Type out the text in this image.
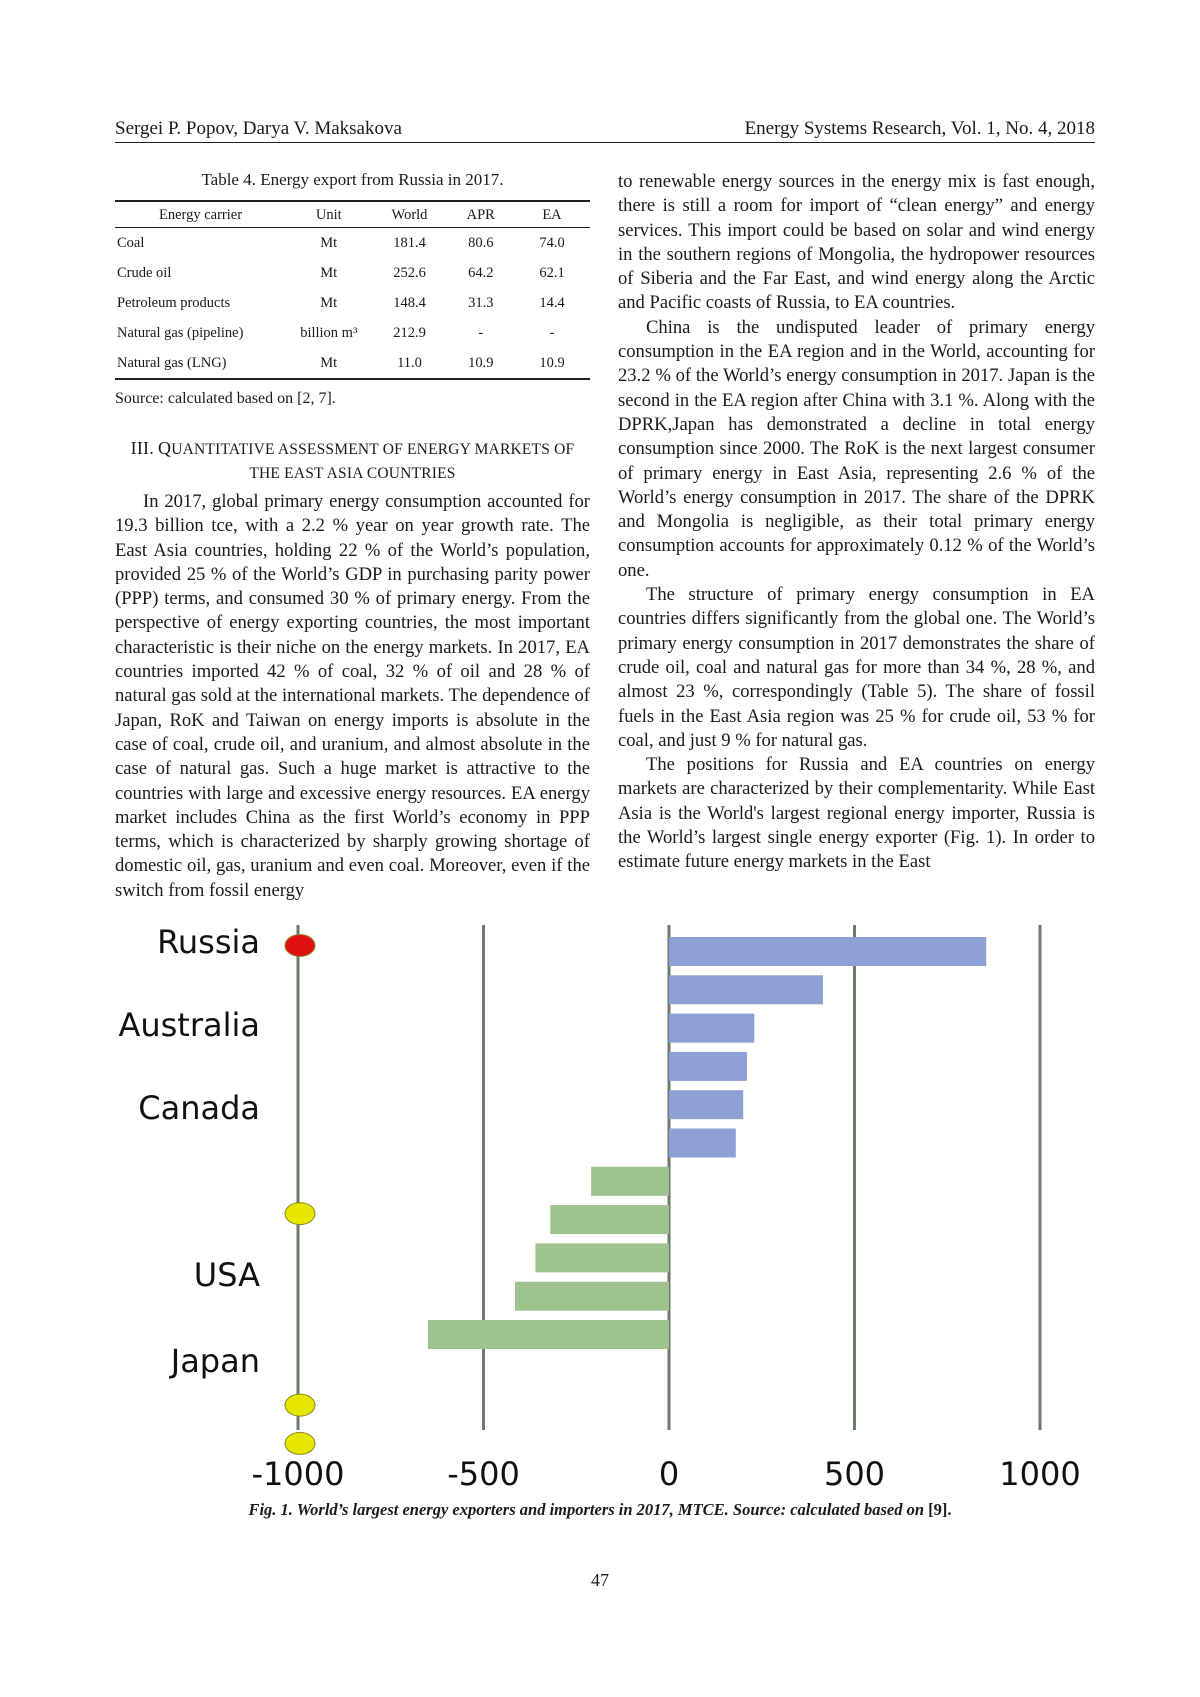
Sergei P. Popov, Darya V. Maksakova	Energy Systems Research, Vol. 1, No. 4, 2018
Table 4. Energy export from Russia in 2017.
Energy carrier	Unit	World	APR	EA
Coal	Mt	181.4	80.6	74.0
Crude oil	Mt	252.6	64.2	62.1
Petroleum products	Mt	148.4	31.3	14.4
Natural gas (pipeline)	billion m³	212.9	-	-
Natural gas (LNG)	Mt	11.0	10.9	10.9
Source: calculated based on [2, 7].
III. QUANTITATIVE ASSESSMENT OF ENERGY MARKETS OF
THE EAST ASIA COUNTRIES

In 2017, global primary energy consumption accounted for 19.3 billion tce, with a 2.2 % year on year growth rate. The East Asia countries, holding 22 % of the World’s population, provided 25 % of the World’s GDP in purchasing parity power (PPP) terms, and consumed 30 % of primary energy. From the perspective of energy exporting countries, the most important characteristic is their niche on the energy markets. In 2017, EA countries imported 42 % of coal, 32 % of oil and 28 % of natural gas sold at the international markets. The dependence of Japan, RoK and Taiwan on energy imports is absolute in the case of coal, crude oil, and uranium, and almost absolute in the case of natural gas. Such a huge market is attractive to the countries with large and excessive energy resources. EA energy market includes China as the first World’s economy in PPP terms, which is characterized by sharply growing shortage of domestic oil, gas, uranium and even coal. Moreover, even if the switch from fossil energy

to renewable energy sources in the energy mix is fast enough, there is still a room for import of “clean energy” and energy services. This import could be based on solar and wind energy in the southern regions of Mongolia, the hydropower resources of Siberia and the Far East, and wind energy along the Arctic and Pacific coasts of Russia, to EA countries.

China is the undisputed leader of primary energy consumption in the EA region and in the World, accounting for 23.2 % of the World’s energy consumption in 2017. Japan is the second in the EA region after China with 3.1 %. Along with the DPRK,Japan has demonstrated a decline in total energy consumption since 2000. The RoK is the next largest consumer of primary energy in East Asia, representing 2.6 % of the World’s energy consumption in 2017. The share of the DPRK and Mongolia is negligible, as their total primary energy consumption accounts for approximately 0.12 % of the World’s one.

The structure of primary energy consumption in EA countries differs significantly from the global one. The World’s primary energy consumption in 2017 demonstrates the share of crude oil, coal and natural gas for more than 34 %, 28 %, and almost 23 %, correspondingly (Table 5). The share of fossil fuels in the East Asia region was 25 % for crude oil, 53 % for coal, and just 9 % for natural gas.

The positions for Russia and EA countries on energy markets are characterized by their complementarity. While East Asia is the World's largest regional energy importer, Russia is the World’s largest single energy exporter (Fig. 1). In order to estimate future energy markets in the East

Russia
Australia
Canada
USA
Japan
-1000	-500	0	500	1000
Fig. 1. World’s largest energy exporters and importers in 2017, MTCE. Source: calculated based on [9].
47
